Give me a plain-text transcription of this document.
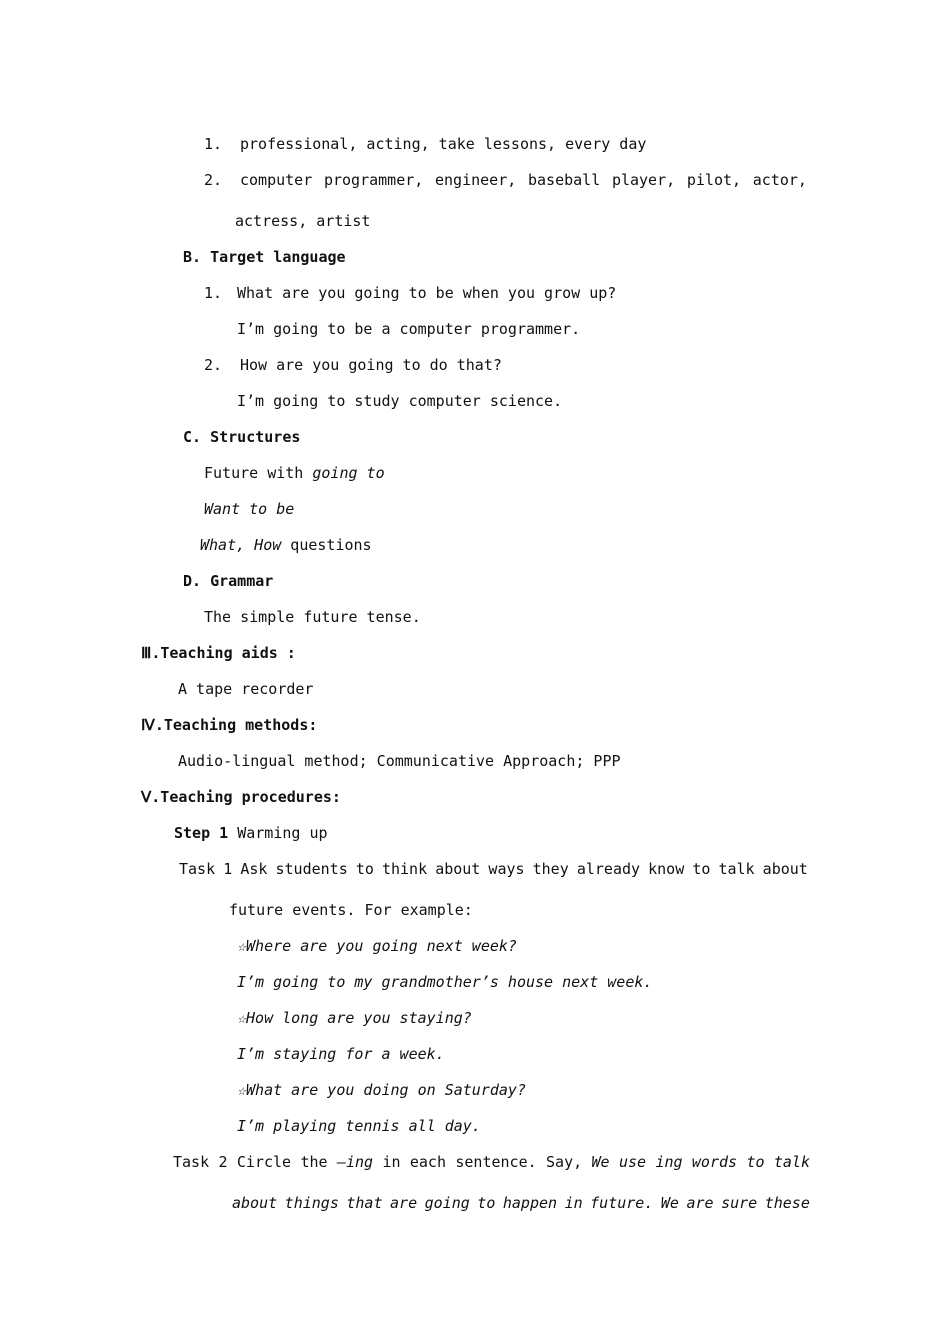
1. professional, acting, take lessons, every day
2. computer programmer, engineer, baseball player, pilot, actor,
actress, artist
B. Target language
1. What are you going to be when you grow up?
I’m going to be a computer programmer.
2. How are you going to do that?
I’m going to study computer science.
C. Structures
Future with going to
Want to be
What, How questions
D. Grammar
The simple future tense.
Ⅲ.Teaching aids :
A tape recorder
Ⅳ.Teaching methods:
Audio-lingual method; Communicative Approach; PPP
Ⅴ.Teaching procedures:
Step 1 Warming up
Task 1 Ask students to think about ways they already know to talk about
future events. For example:
☆Where are you going next week?
I’m going to my grandmother’s house next week.
☆How long are you staying?
I’m staying for a week.
☆What are you doing on Saturday?
I’m playing tennis all day.
Task 2 Circle the –ing in each sentence. Say, We use ing words to talk
about things that are going to happen in future. We are sure these
